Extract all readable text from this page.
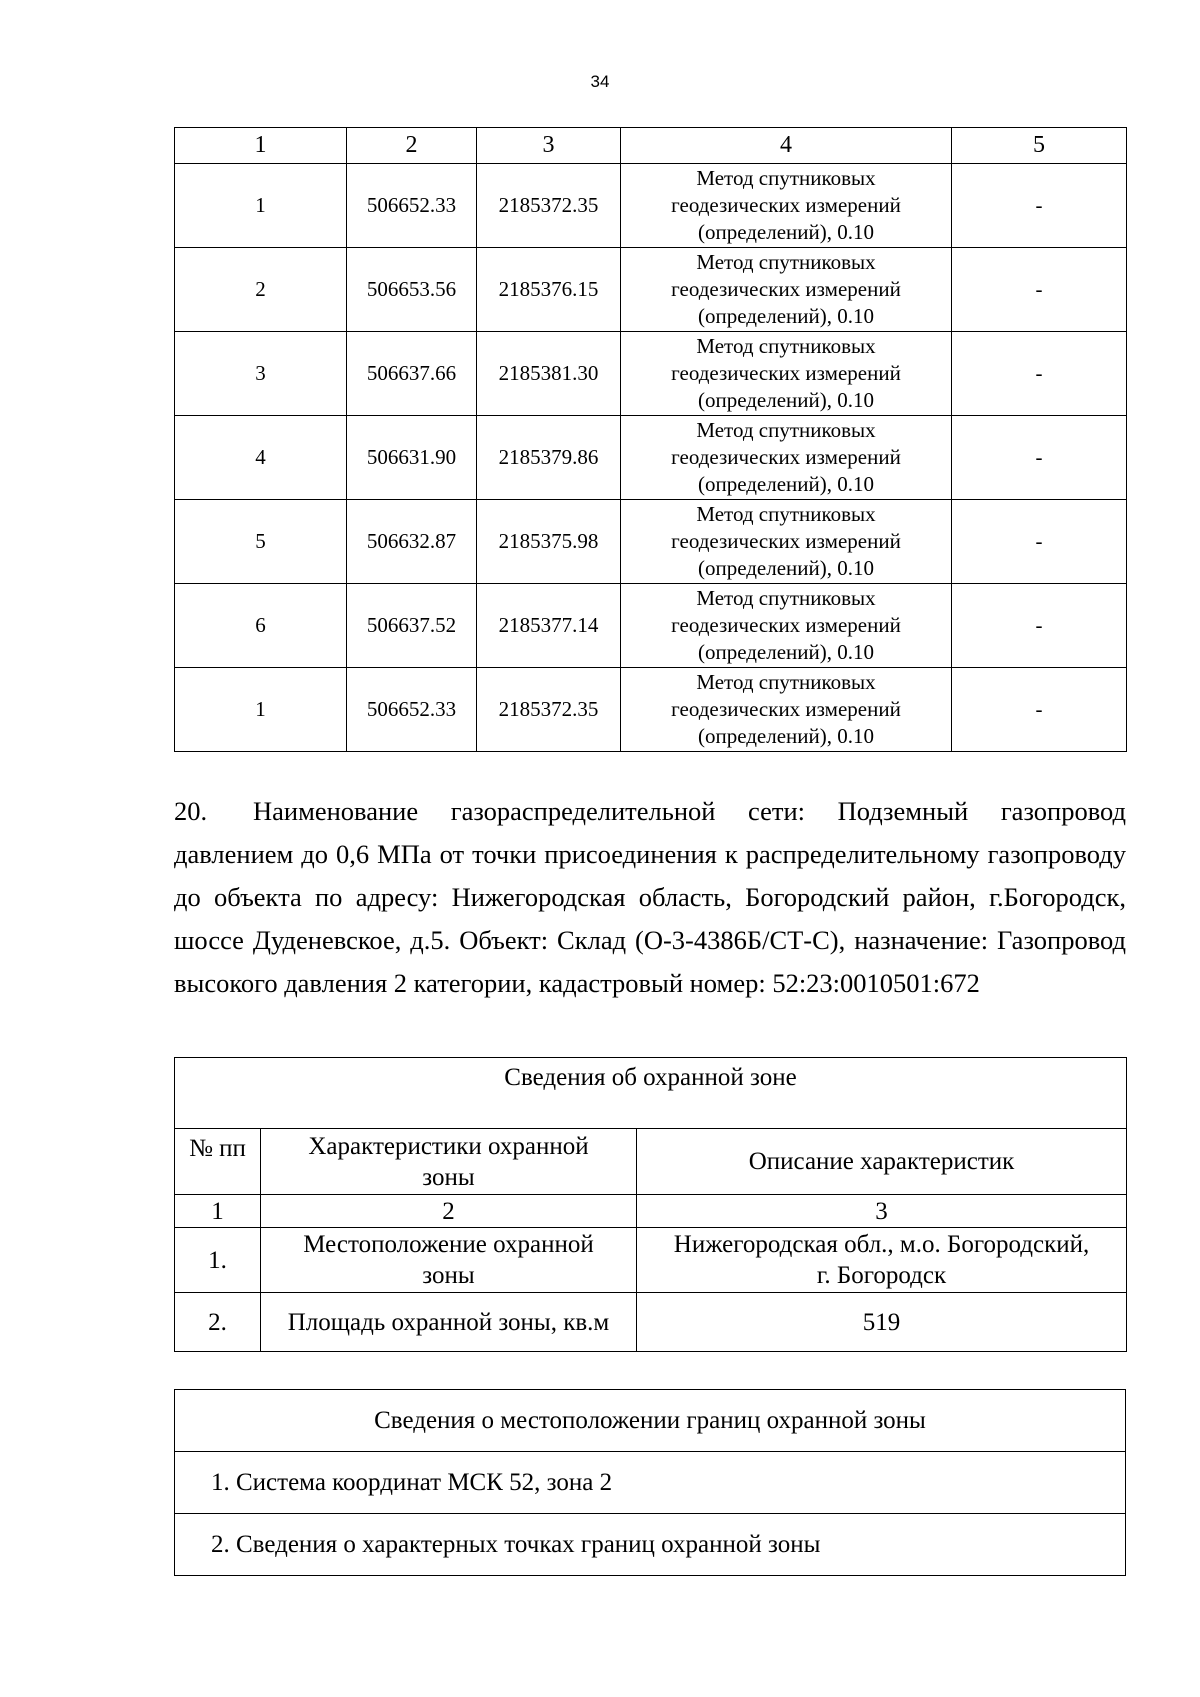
34
1	2	3	4	5
1	506652.33	2185372.35	Метод спутниковых
геодезических измерений
(определений), 0.10	-
2	506653.56	2185376.15	Метод спутниковых
геодезических измерений
(определений), 0.10	-
3	506637.66	2185381.30	Метод спутниковых
геодезических измерений
(определений), 0.10	-
4	506631.90	2185379.86	Метод спутниковых
геодезических измерений
(определений), 0.10	-
5	506632.87	2185375.98	Метод спутниковых
геодезических измерений
(определений), 0.10	-
6	506637.52	2185377.14	Метод спутниковых
геодезических измерений
(определений), 0.10	-
1	506652.33	2185372.35	Метод спутниковых
геодезических измерений
(определений), 0.10	-
20. Наименование газораспределительной сети: Подземный газопровод давлением до 0,6 МПа от точки присоединения к распределительному газопроводу до объекта по адресу: Нижегородская область, Богородский район, г.Богородск, шоссе Дуденевское, д.5. Объект: Склад (О-3-4386Б/СТ-С), назначение: Газопровод высокого давления 2 категории, кадастровый номер: 52:23:0010501:672
Сведения об охранной зоне		
№ пп	Характеристики охранной
зоны	Описание характеристик
1	2	3
1.	Местоположение охранной
зоны	Нижегородская обл., м.о. Богородский,
г. Богородск
2.	Площадь охранной зоны, кв.м	519
Сведения о местоположении границ охранной зоны
1. Система координат МСК 52, зона 2
2. Сведения о характерных точках границ охранной зоны
